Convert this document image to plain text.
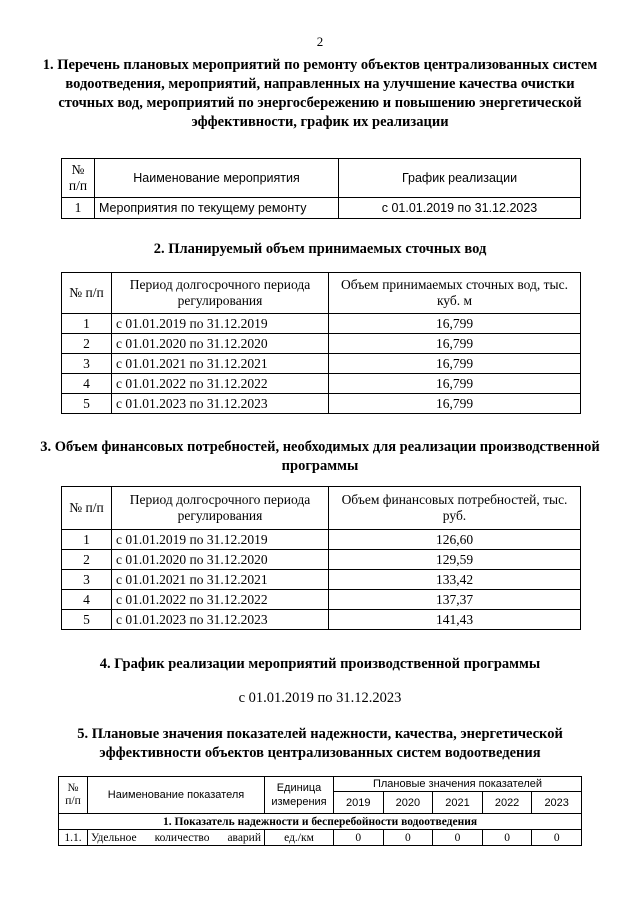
2
1. Перечень плановых мероприятий по ремонту объектов централизованных систем водоотведения, мероприятий, направленных на улучшение качества очистки сточных вод, мероприятий по энергосбережению и повышению энергетической эффективности, график их реализации
№ п/п	Наименование мероприятия	График реализации
1	Мероприятия по текущему ремонту	с 01.01.2019 по 31.12.2023
2. Планируемый объем принимаемых сточных вод
№ п/п	Период долгосрочного периода регулирования	Объем принимаемых сточных вод, тыс. куб. м
1	с 01.01.2019 по 31.12.2019	16,799
2	с 01.01.2020 по 31.12.2020	16,799
3	с 01.01.2021 по 31.12.2021	16,799
4	с 01.01.2022 по 31.12.2022	16,799
5	с 01.01.2023 по 31.12.2023	16,799
3. Объем финансовых потребностей, необходимых для реализации производственной программы
№ п/п	Период долгосрочного периода регулирования	Объем финансовых потребностей, тыс. руб.
1	с 01.01.2019 по 31.12.2019	126,60
2	с 01.01.2020 по 31.12.2020	129,59
3	с 01.01.2021 по 31.12.2021	133,42
4	с 01.01.2022 по 31.12.2022	137,37
5	с 01.01.2023 по 31.12.2023	141,43
4. График реализации мероприятий производственной программы
с 01.01.2019 по 31.12.2023
5. Плановые значения показателей надежности, качества, энергетической эффективности объектов централизованных систем водоотведения
№ п/п	Наименование показателя	Единица измерения	Плановые значения показателей				
			2019	2020	2021	2022	2023
1. Показатель надежности и бесперебойности водоотведения							
1.1.	Удельное количество аварий	ед./км	0	0	0	0	0
